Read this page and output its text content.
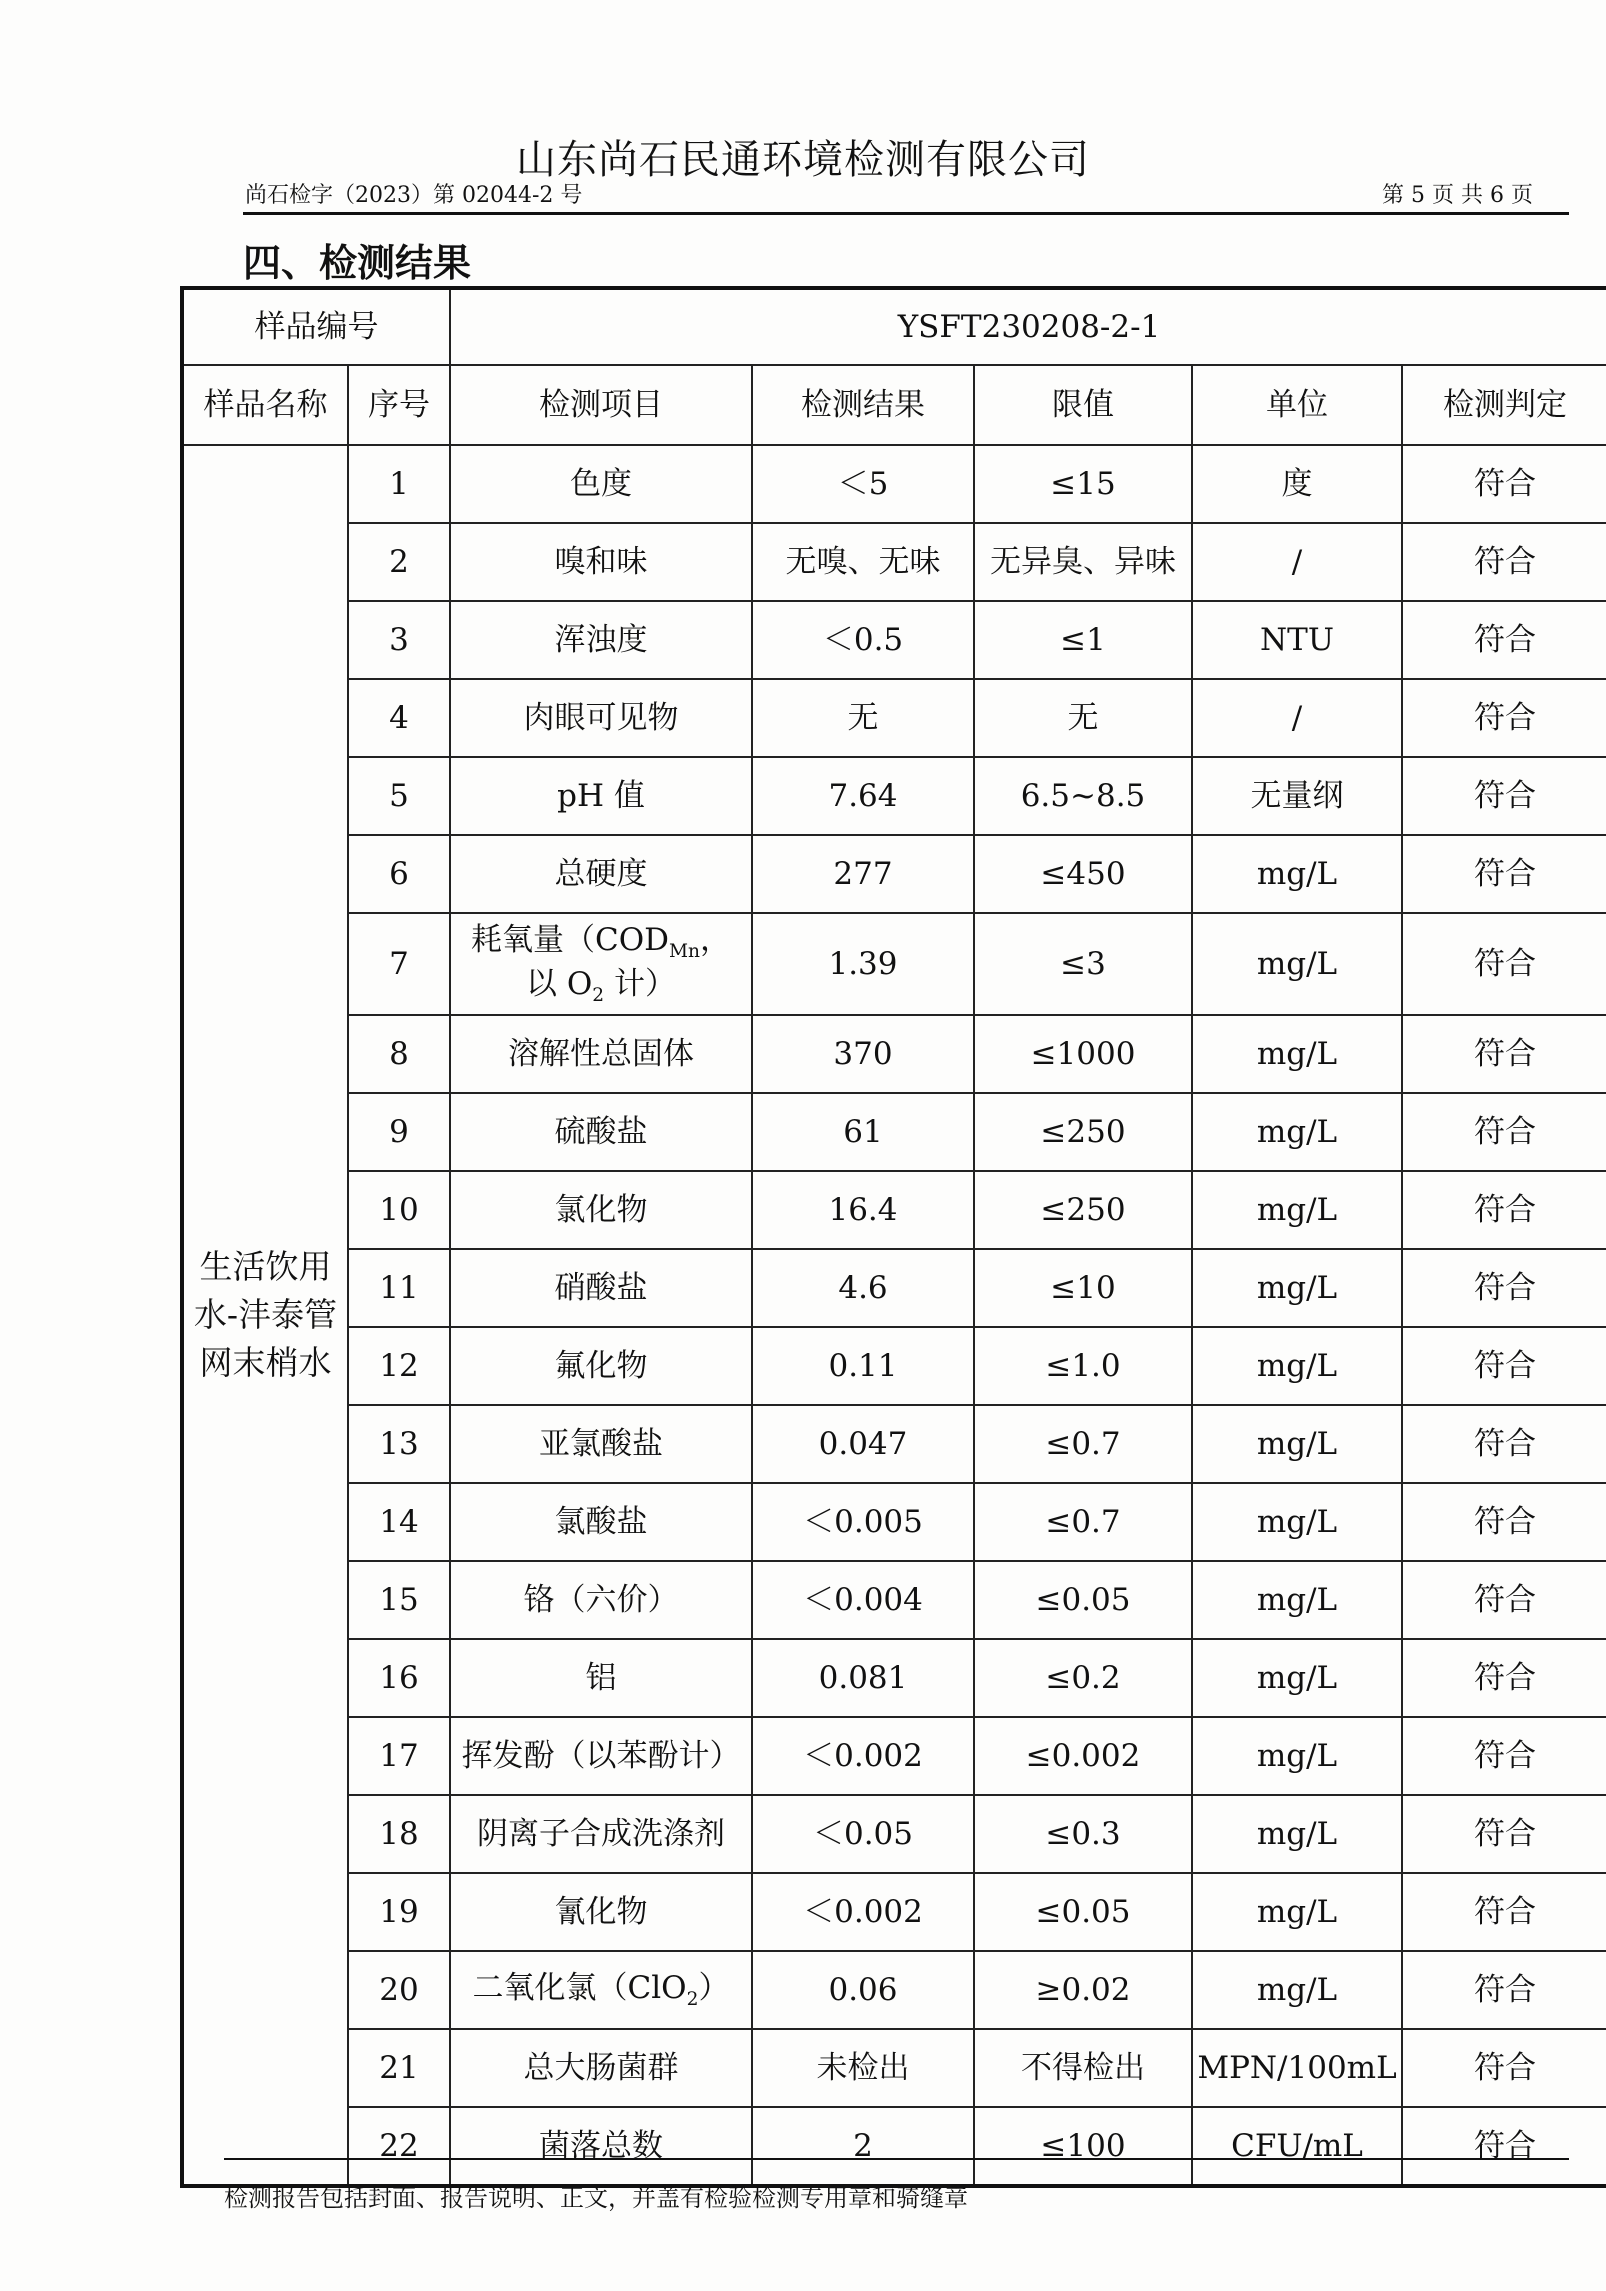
山东尚石民通环境检测有限公司
尚石检字（2023）第 02044-2 号	第 5 页 共 6 页
四、检测结果
样品编号		YSFT230208-2-1				
样品名称	序号	检测项目	检测结果	限值	单位	检测判定
生活饮用水-沣泰管网末梢水	1	色度	＜5	≤15	度	符合
	2	嗅和味	无嗅、无味	无异臭、异味	/	符合
	3	浑浊度	＜0.5	≤1	NTU	符合
	4	肉眼可见物	无	无	/	符合
	5	pH 值	7.64	6.5~8.5	无量纲	符合
	6	总硬度	277	≤450	mg/L	符合
	7	耗氧量（$COD_{Mn}$，
以 $O_2$ 计）	1.39	≤3	mg/L	符合
	8	溶解性总固体	370	≤1000	mg/L	符合
	9	硫酸盐	61	≤250	mg/L	符合
	10	氯化物	16.4	≤250	mg/L	符合
	11	硝酸盐	4.6	≤10	mg/L	符合
	12	氟化物	0.11	≤1.0	mg/L	符合
	13	亚氯酸盐	0.047	≤0.7	mg/L	符合
	14	氯酸盐	＜0.005	≤0.7	mg/L	符合
	15	铬（六价）	＜0.004	≤0.05	mg/L	符合
	16	铝	0.081	≤0.2	mg/L	符合
	17	挥发酚（以苯酚计）	＜0.002	≤0.002	mg/L	符合
	18	阴离子合成洗涤剂	＜0.05	≤0.3	mg/L	符合
	19	氰化物	＜0.002	≤0.05	mg/L	符合
	20	二氧化氯（ClO$_2$）	0.06	≥0.02	mg/L	符合
	21	总大肠菌群	未检出	不得检出	MPN/100mL	符合
	22	菌落总数	2	≤100	CFU/mL	符合
检测报告包括封面、报告说明、正文，并盖有检验检测专用章和骑缝章
